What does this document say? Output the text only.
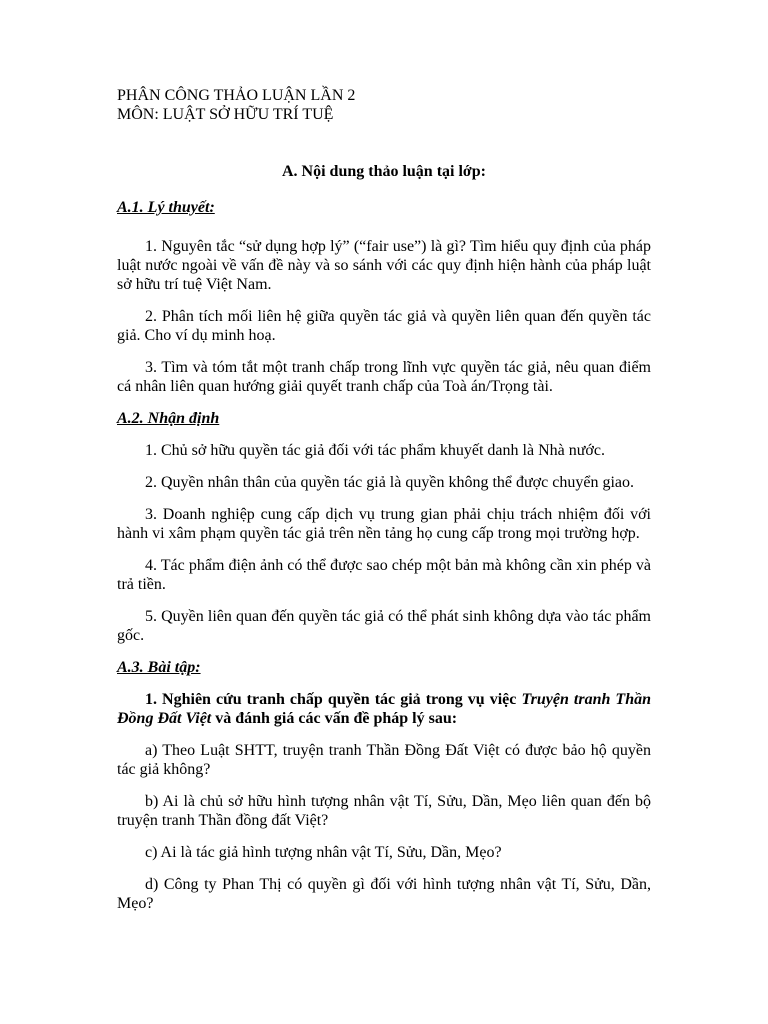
PHÂN CÔNG THẢO LUẬN LẦN 2

MÔN: LUẬT SỞ HỮU TRÍ TUỆ

A. Nội dung thảo luận tại lớp:

A.1. Lý thuyết:

1. Nguyên tắc “sử dụng hợp lý” (“fair use”) là gì? Tìm hiểu quy định của pháp luật nước ngoài về vấn đề này và so sánh với các quy định hiện hành của pháp luật sở hữu trí tuệ Việt Nam.

2. Phân tích mối liên hệ giữa quyền tác giả và quyền liên quan đến quyền tác giả. Cho ví dụ minh hoạ.

3. Tìm và tóm tắt một tranh chấp trong lĩnh vực quyền tác giả, nêu quan điểm cá nhân liên quan hướng giải quyết tranh chấp của Toà án/Trọng tài.

A.2. Nhận định

1. Chủ sở hữu quyền tác giả đối với tác phẩm khuyết danh là Nhà nước.

2. Quyền nhân thân của quyền tác giả là quyền không thể được chuyển giao.

3. Doanh nghiệp cung cấp dịch vụ trung gian phải chịu trách nhiệm đối với hành vi xâm phạm quyền tác giả trên nền tảng họ cung cấp trong mọi trường hợp.

4. Tác phẩm điện ảnh có thể được sao chép một bản mà không cần xin phép và trả tiền.

5. Quyền liên quan đến quyền tác giả có thể phát sinh không dựa vào tác phẩm gốc.

A.3. Bài tập:

1. Nghiên cứu tranh chấp quyền tác giả trong vụ việc Truyện tranh Thần Đồng Đất Việt và đánh giá các vấn đề pháp lý sau:

a) Theo Luật SHTT, truyện tranh Thần Đồng Đất Việt có được bảo hộ quyền tác giả không?

b) Ai là chủ sở hữu hình tượng nhân vật Tí, Sửu, Dần, Mẹo liên quan đến bộ truyện tranh Thần đồng đất Việt?

c) Ai là tác giả hình tượng nhân vật Tí, Sửu, Dần, Mẹo?

d) Công ty Phan Thị có quyền gì đối với hình tượng nhân vật Tí, Sửu, Dần, Mẹo?
